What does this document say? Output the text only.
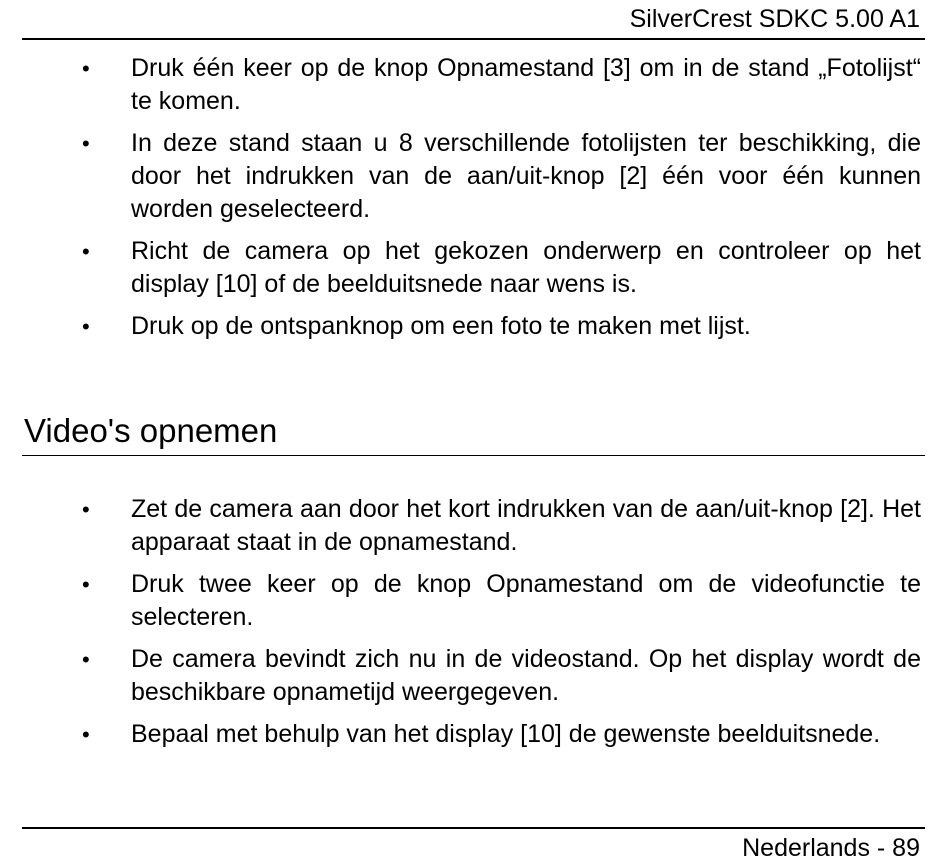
SilverCrest SDKC 5.00 A1
• Druk één keer op de knop Opnamestand [3] om in de stand „Fotolijst“ te komen.
• In deze stand staan u 8 verschillende fotolijsten ter beschikking, die door het indrukken van de aan/uit-knop [2] één voor één kunnen worden geselecteerd.
• Richt de camera op het gekozen onderwerp en controleer op het display [10] of de beelduitsnede naar wens is.
• Druk op de ontspanknop om een foto te maken met lijst.
Video's opnemen
• Zet de camera aan door het kort indrukken van de aan/uit-knop [2]. Het apparaat staat in de opnamestand.
• Druk twee keer op de knop Opnamestand om de videofunctie te selecteren.
• De camera bevindt zich nu in de videostand. Op het display wordt de beschikbare opnametijd weergegeven.
• Bepaal met behulp van het display [10] de gewenste beelduitsnede.
Nederlands - 89
